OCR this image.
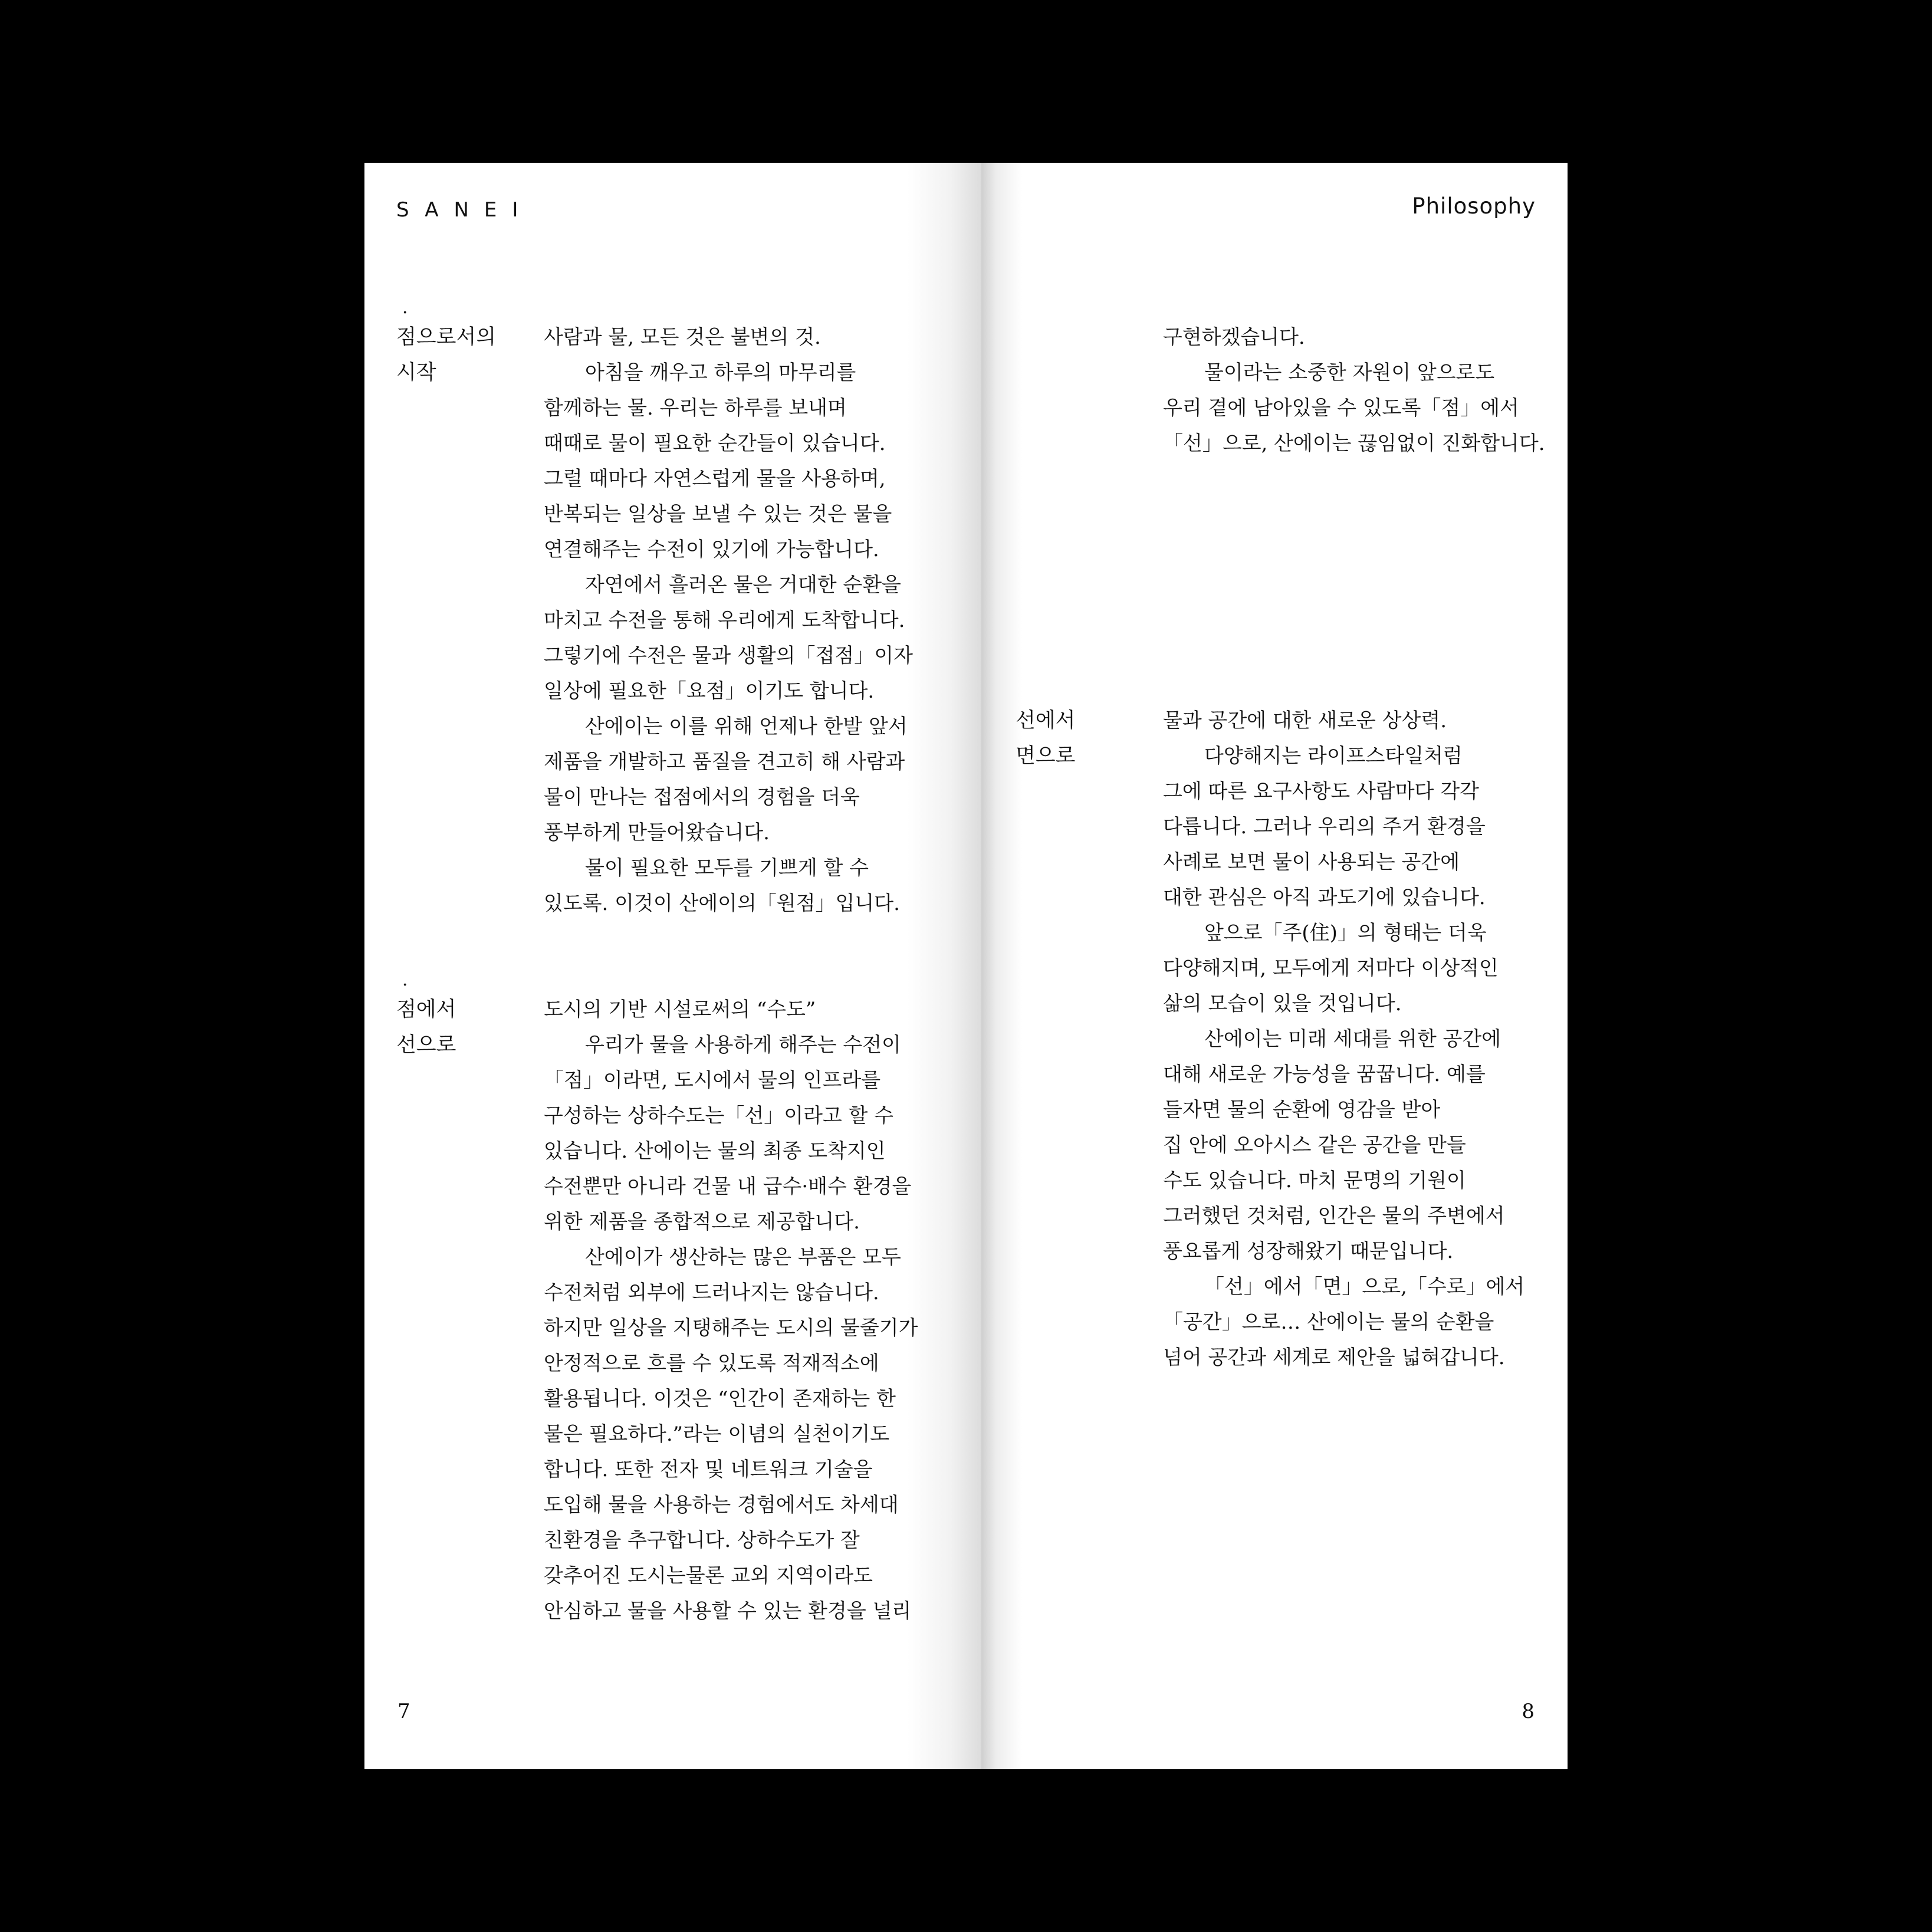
SANEI
·
점으로서의
시작

사람과 물, 모든 것은 불변의 것.

아침을 깨우고 하루의 마무리를

함께하는 물. 우리는 하루를 보내며

때때로 물이 필요한 순간들이 있습니다.

그럴 때마다 자연스럽게 물을 사용하며,

반복되는 일상을 보낼 수 있는 것은 물을

연결해주는 수전이 있기에 가능합니다.

자연에서 흘러온 물은 거대한 순환을

마치고 수전을 통해 우리에게 도착합니다.

그렇기에 수전은 물과 생활의「접점」이자

일상에 필요한「요점」이기도 합니다.

산에이는 이를 위해 언제나 한발 앞서

제품을 개발하고 품질을 견고히 해 사람과

물이 만나는 접점에서의 경험을 더욱

풍부하게 만들어왔습니다.

물이 필요한 모두를 기쁘게 할 수

있도록. 이것이 산에이의「원점」입니다.

·
점에서
선으로

도시의 기반 시설로써의 “수도”

우리가 물을 사용하게 해주는 수전이

「점」이라면, 도시에서 물의 인프라를

구성하는 상하수도는「선」이라고 할 수

있습니다. 산에이는 물의 최종 도착지인

수전뿐만 아니라 건물 내 급수·배수 환경을

위한 제품을 종합적으로 제공합니다.

산에이가 생산하는 많은 부품은 모두

수전처럼 외부에 드러나지는 않습니다.

하지만 일상을 지탱해주는 도시의 물줄기가

안정적으로 흐를 수 있도록 적재적소에

활용됩니다. 이것은 “인간이 존재하는 한

물은 필요하다.”라는 이념의 실천이기도

합니다. 또한 전자 및 네트워크 기술을

도입해 물을 사용하는 경험에서도 차세대

친환경을 추구합니다. 상하수도가 잘

갖추어진 도시는물론 교외 지역이라도

안심하고 물을 사용할 수 있는 환경을 널리

7
Philosophy

구현하겠습니다.

물이라는 소중한 자원이 앞으로도

우리 곁에 남아있을 수 있도록「점」에서

「선」으로, 산에이는 끊임없이 진화합니다.

선에서
면으로

물과 공간에 대한 새로운 상상력.

다양해지는 라이프스타일처럼

그에 따른 요구사항도 사람마다 각각

다릅니다. 그러나 우리의 주거 환경을

사례로 보면 물이 사용되는 공간에

대한 관심은 아직 과도기에 있습니다.

앞으로「주(住)」의 형태는 더욱

다양해지며, 모두에게 저마다 이상적인

삶의 모습이 있을 것입니다.

산에이는 미래 세대를 위한 공간에

대해 새로운 가능성을 꿈꿉니다. 예를

들자면 물의 순환에 영감을 받아

집 안에 오아시스 같은 공간을 만들

수도 있습니다. 마치 문명의 기원이

그러했던 것처럼, 인간은 물의 주변에서

풍요롭게 성장해왔기 때문입니다.

「선」에서「면」으로,「수로」에서

「공간」으로… 산에이는 물의 순환을

넘어 공간과 세계로 제안을 넓혀갑니다.

8
